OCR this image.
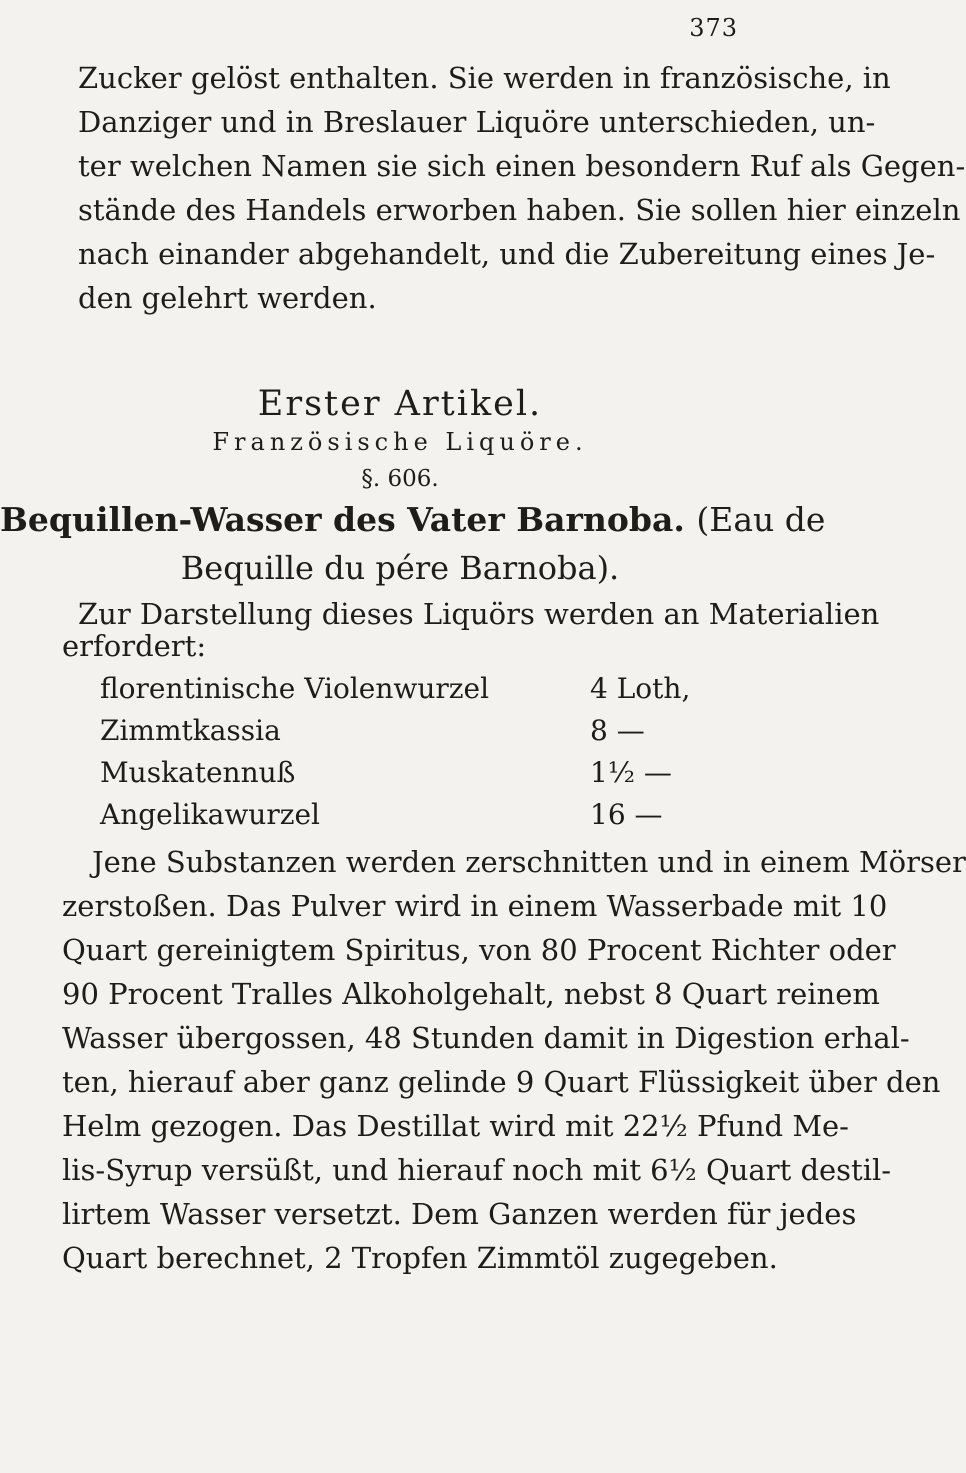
373
Zucker gelöst enthalten. Sie werden in französische, in
Danziger und in Breslauer Liquöre unterschieden, un-
ter welchen Namen sie sich einen besondern Ruf als Gegen-
stände des Handels erworben haben. Sie sollen hier einzeln
nach einander abgehandelt, und die Zubereitung eines Je-
den gelehrt werden.
Erster Artikel.
Französische Liquöre.
§. 606.
Bequillen-Wasser des Vater Barnoba. (Eau de
Bequille du pére Barnoba).
Zur Darstellung dieses Liquörs werden an Materialien
erfordert:
florentinische Violenwurzel	4 Loth,
Zimmtkassia	8 —
Muskatennuß	1½ —
Angelikawurzel	16 —
Jene Substanzen werden zerschnitten und in einem Mörser
zerstoßen. Das Pulver wird in einem Wasserbade mit 10
Quart gereinigtem Spiritus, von 80 Procent Richter oder
90 Procent Tralles Alkoholgehalt, nebst 8 Quart reinem
Wasser übergossen, 48 Stunden damit in Digestion erhal-
ten, hierauf aber ganz gelinde 9 Quart Flüssigkeit über den
Helm gezogen. Das Destillat wird mit 22½ Pfund Me-
lis-Syrup versüßt, und hierauf noch mit 6½ Quart destil-
lirtem Wasser versetzt. Dem Ganzen werden für jedes
Quart berechnet, 2 Tropfen Zimmtöl zugegeben.
